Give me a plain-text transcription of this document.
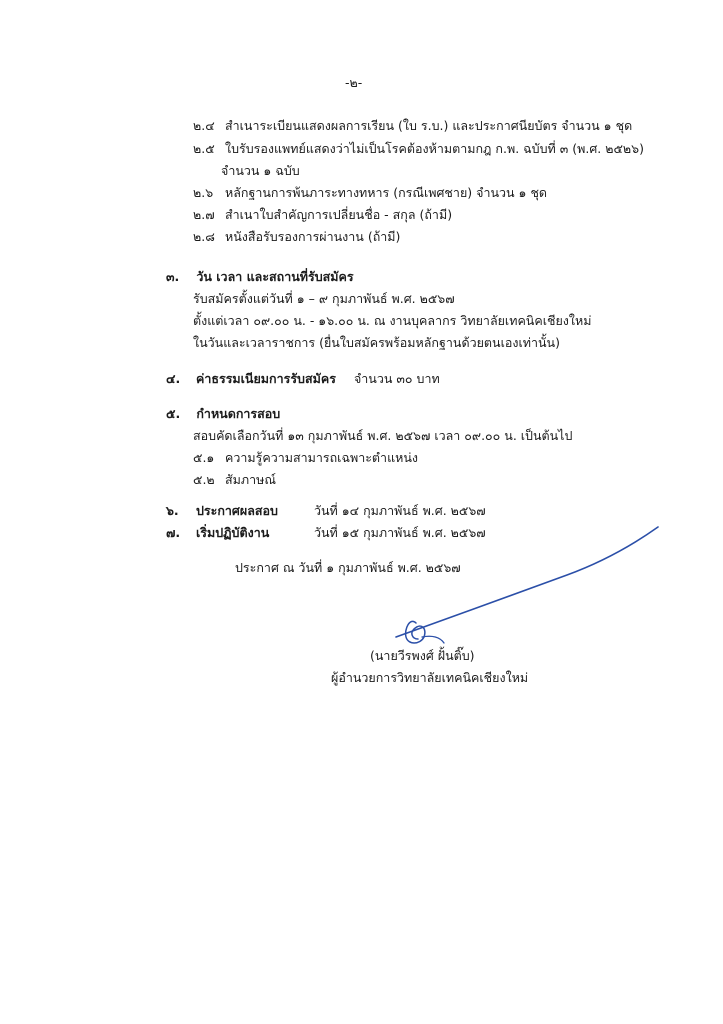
-๒-
๒.๔ สำเนาระเบียนแสดงผลการเรียน (ใบ ร.บ.) และประกาศนียบัตร จำนวน ๑ ชุด
๒.๕ ใบรับรองแพทย์แสดงว่าไม่เป็นโรคต้องห้ามตามกฎ ก.พ. ฉบับที่ ๓ (พ.ศ. ๒๕๒๖)
จำนวน ๑ ฉบับ
๒.๖ หลักฐานการพ้นภาระทางทหาร (กรณีเพศชาย) จำนวน ๑ ชุด
๒.๗ สำเนาใบสำคัญการเปลี่ยนชื่อ - สกุล (ถ้ามี)
๒.๘ หนังสือรับรองการผ่านงาน (ถ้ามี)
๓. วัน เวลา และสถานที่รับสมัคร
รับสมัครตั้งแต่วันที่ ๑ – ๙ กุมภาพันธ์ พ.ศ. ๒๕๖๗
ตั้งแต่เวลา ๐๙.๐๐ น. - ๑๖.๐๐ น. ณ งานบุคลากร วิทยาลัยเทคนิคเชียงใหม่
ในวันและเวลาราชการ (ยื่นใบสมัครพร้อมหลักฐานด้วยตนเองเท่านั้น)
๔. ค่าธรรมเนียมการรับสมัคร จำนวน ๓๐ บาท
๕. กำหนดการสอบ
สอบคัดเลือกวันที่ ๑๓ กุมภาพันธ์ พ.ศ. ๒๕๖๗ เวลา ๐๙.๐๐ น. เป็นต้นไป
๕.๑ ความรู้ความสามารถเฉพาะตำแหน่ง
๕.๒ สัมภาษณ์
๖. ประกาศผลสอบ	วันที่ ๑๔ กุมภาพันธ์ พ.ศ. ๒๕๖๗
๗. เริ่มปฏิบัติงาน	วันที่ ๑๕ กุมภาพันธ์ พ.ศ. ๒๕๖๗
ประกาศ ณ วันที่ ๑ กุมภาพันธ์ พ.ศ. ๒๕๖๗
(นายวีรพงศ์ ฝั้นติ๊บ)
ผู้อำนวยการวิทยาลัยเทคนิคเชียงใหม่
